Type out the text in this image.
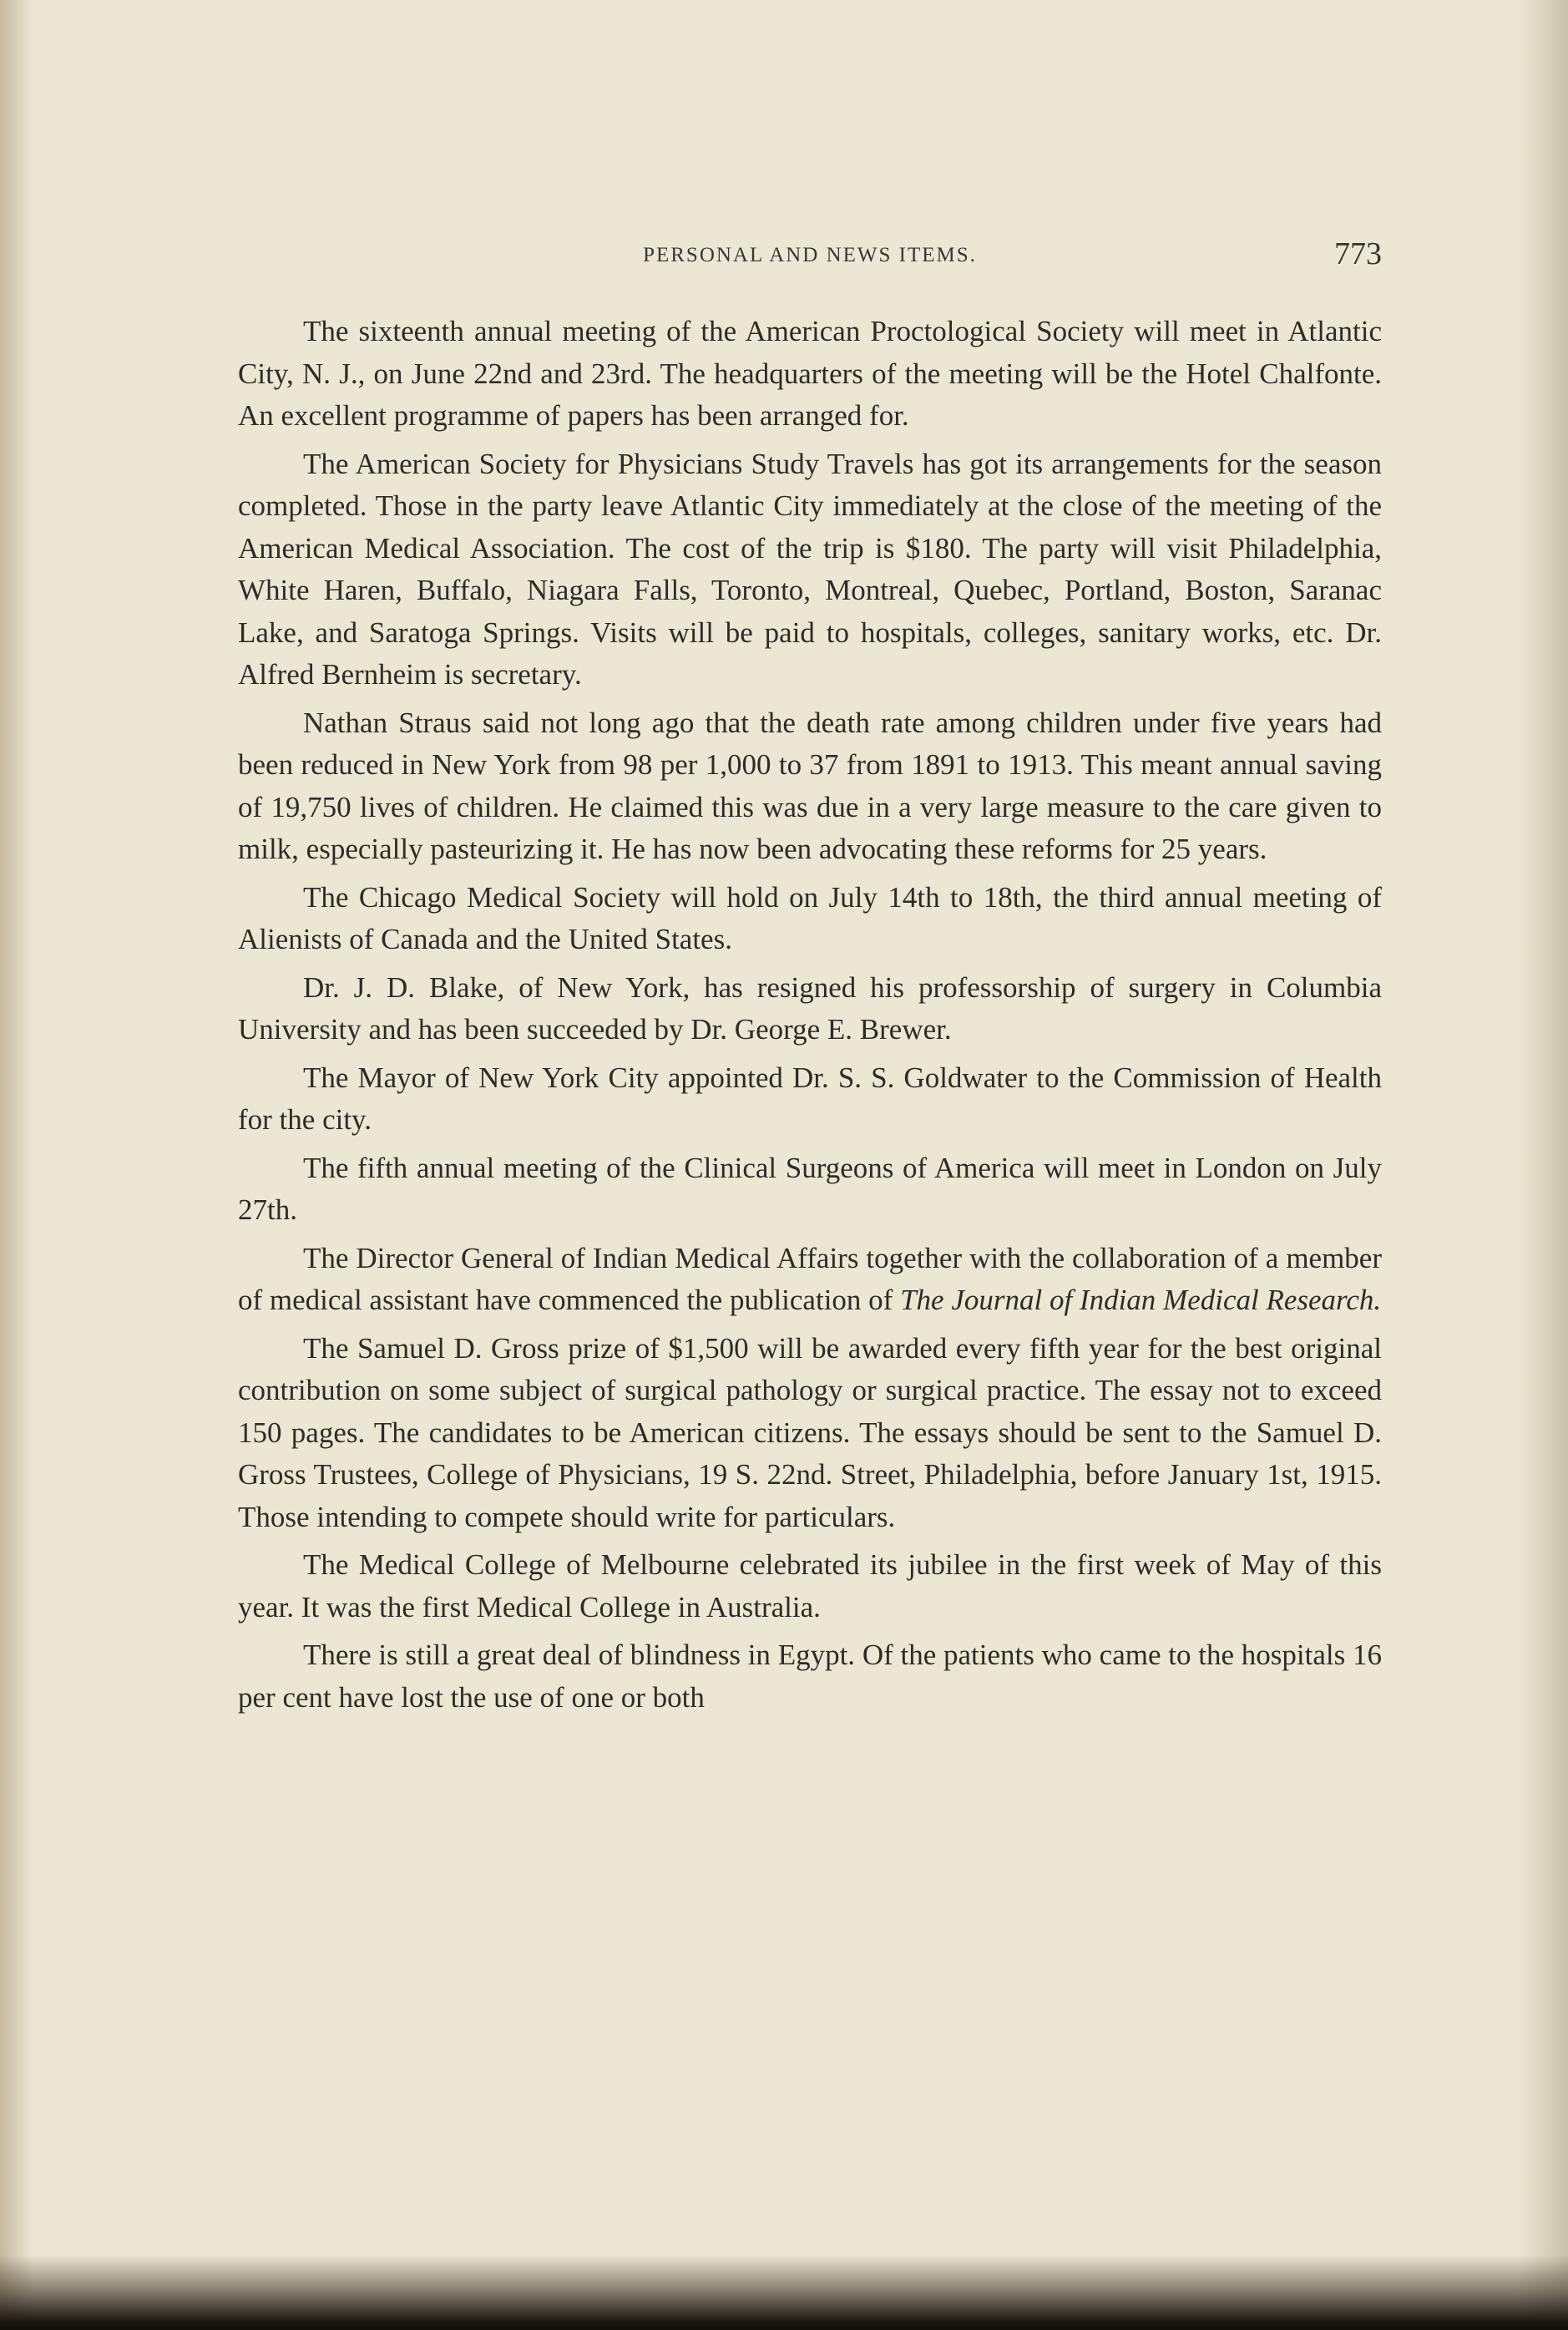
PERSONAL AND NEWS ITEMS.	773

The sixteenth annual meeting of the American Proctological Society will meet in Atlantic City, N. J., on June 22nd and 23rd. The headquarters of the meeting will be the Hotel Chalfonte. An excellent programme of papers has been arranged for.

The American Society for Physicians Study Travels has got its arrangements for the season completed. Those in the party leave Atlantic City immediately at the close of the meeting of the American Medical Association. The cost of the trip is $180. The party will visit Philadelphia, White Haren, Buffalo, Niagara Falls, Toronto, Montreal, Quebec, Portland, Boston, Saranac Lake, and Saratoga Springs. Visits will be paid to hospitals, colleges, sanitary works, etc. Dr. Alfred Bernheim is secretary.

Nathan Straus said not long ago that the death rate among children under five years had been reduced in New York from 98 per 1,000 to 37 from 1891 to 1913. This meant annual saving of 19,750 lives of children. He claimed this was due in a very large measure to the care given to milk, especially pasteurizing it. He has now been advocating these reforms for 25 years.

The Chicago Medical Society will hold on July 14th to 18th, the third annual meeting of Alienists of Canada and the United States.

Dr. J. D. Blake, of New York, has resigned his professorship of surgery in Columbia University and has been succeeded by Dr. George E. Brewer.

The Mayor of New York City appointed Dr. S. S. Goldwater to the Commission of Health for the city.

The fifth annual meeting of the Clinical Surgeons of America will meet in London on July 27th.

The Director General of Indian Medical Affairs together with the collaboration of a member of medical assistant have commenced the publication of The Journal of Indian Medical Research.

The Samuel D. Gross prize of $1,500 will be awarded every fifth year for the best original contribution on some subject of surgical pathology or surgical practice. The essay not to exceed 150 pages. The candidates to be American citizens. The essays should be sent to the Samuel D. Gross Trustees, College of Physicians, 19 S. 22nd. Street, Philadelphia, before January 1st, 1915. Those intending to compete should write for particulars.

The Medical College of Melbourne celebrated its jubilee in the first week of May of this year. It was the first Medical College in Australia.

There is still a great deal of blindness in Egypt. Of the patients who came to the hospitals 16 per cent have lost the use of one or both
